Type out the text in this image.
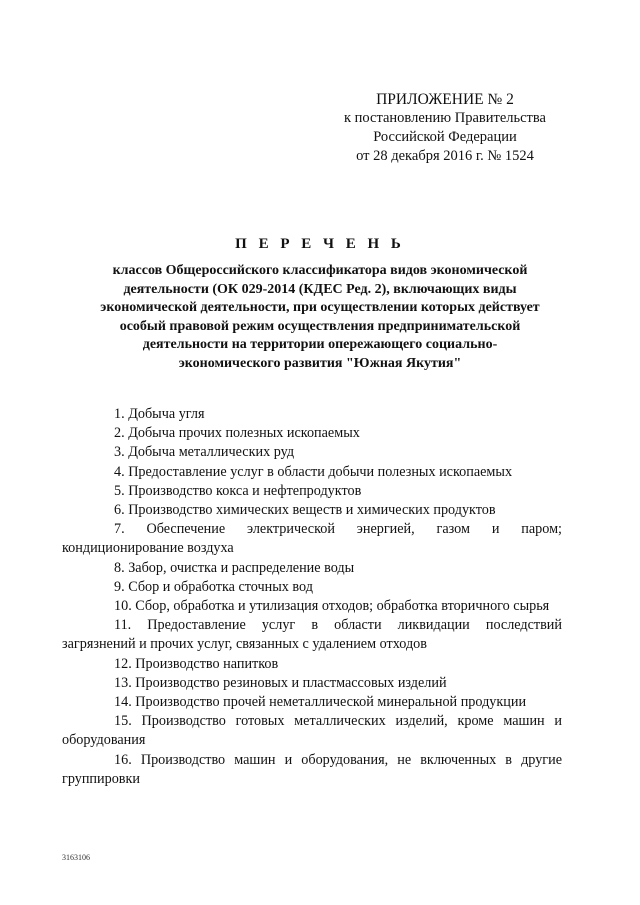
ПРИЛОЖЕНИЕ № 2
к постановлению Правительства
Российской Федерации
от 28 декабря 2016 г. № 1524
П Е Р Е Ч Е Н Ь
классов Общероссийского классификатора видов экономической
деятельности (ОК 029-2014 (КДЕС Ред. 2), включающих виды
экономической деятельности, при осуществлении которых действует
особый правовой режим осуществления предпринимательской
деятельности на территории опережающего социально-
экономического развития "Южная Якутия"
1. Добыча угля
2. Добыча прочих полезных ископаемых
3. Добыча металлических руд
4. Предоставление услуг в области добычи полезных ископаемых
5. Производство кокса и нефтепродуктов
6. Производство химических веществ и химических продуктов
7. Обеспечение электрической энергией, газом и паром; кондиционирование воздуха
8. Забор, очистка и распределение воды
9. Сбор и обработка сточных вод
10. Сбор, обработка и утилизация отходов; обработка вторичного сырья
11. Предоставление услуг в области ликвидации последствий загрязнений и прочих услуг, связанных с удалением отходов
12. Производство напитков
13. Производство резиновых и пластмассовых изделий
14. Производство прочей неметаллической минеральной продукции
15. Производство готовых металлических изделий, кроме машин и оборудования
16. Производство машин и оборудования, не включенных в другие группировки
3163106
